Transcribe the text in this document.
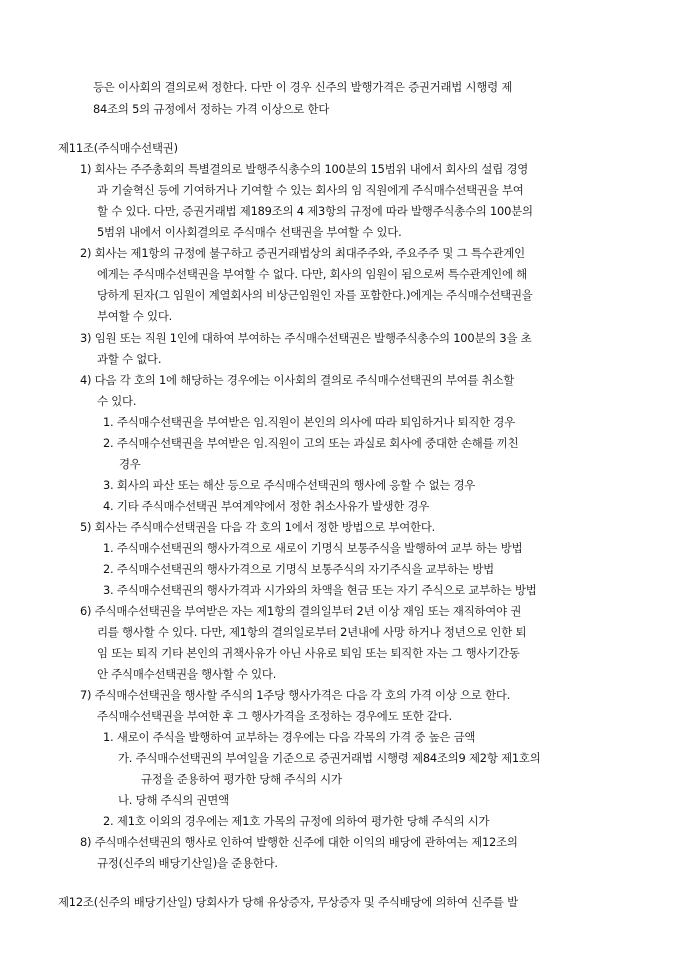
등은 이사회의 결의로써 정한다. 다만 이 경우 신주의 발행가격은 증권거래법 시행령 제
84조의 5의 규정에서 정하는 가격 이상으로 한다
제11조(주식매수선택권)
1) 회사는 주주총회의 특별결의로 발행주식총수의 100분의 15범위 내에서 회사의 설립 경영
과 기술혁신 등에 기여하거나 기여할 수 있는 회사의 임 직원에게 주식매수선택권을 부여
할 수 있다. 다만, 증권거래법 제189조의 4 제3항의 규정에 따라 발행주식총수의 100분의
5범위 내에서 이사회결의로 주식매수 선택권을 부여할 수 있다.
2) 회사는 제1항의 규정에 불구하고 증권거래법상의 최대주주와, 주요주주 및 그 특수관계인
에게는 주식매수선택권을 부여할 수 없다. 다만, 회사의 임원이 됨으로써 특수관계인에 해
당하게 된자(그 임원이 계열회사의 비상근임원인 자를 포함한다.)에게는 주식매수선택권을
부여할 수 있다.
3) 임원 또는 직원 1인에 대하여 부여하는 주식매수선택권은 발행주식총수의 100분의 3을 초
과할 수 없다.
4) 다음 각 호의 1에 해당하는 경우에는 이사회의 결의로 주식매수선택권의 부여를 취소할
수 있다.
1. 주식매수선택권을 부여받은 임.직원이 본인의 의사에 따라 퇴임하거나 퇴직한 경우
2. 주식매수선택권을 부여받은 임.직원이 고의 또는 과실로 회사에 중대한 손해를 끼친
경우
3. 회사의 파산 또는 해산 등으로 주식매수선택권의 행사에 응할 수 없는 경우
4. 기타 주식매수선택권 부여계약에서 정한 취소사유가 발생한 경우
5) 회사는 주식매수선택권을 다음 각 호의 1에서 정한 방법으로 부여한다.
1. 주식매수선택권의 행사가격으로 새로이 기명식 보통주식을 발행하여 교부 하는 방법
2. 주식매수선택권의 행사가격으로 기명식 보통주식의 자기주식을 교부하는 방법
3. 주식매수선택권의 행사가격과 시가와의 차액을 현금 또는 자기 주식으로 교부하는 방법
6) 주식매수선택권을 부여받은 자는 제1항의 결의일부터 2년 이상 재임 또는 재직하여야 권
리를 행사할 수 있다. 다만, 제1항의 결의일로부터 2년내에 사망 하거나 정년으로 인한 퇴
임 또는 퇴직 기타 본인의 귀책사유가 아닌 사유로 퇴임 또는 퇴직한 자는 그 행사기간동
안 주식매수선택권을 행사할 수 있다.
7) 주식매수선택권을 행사할 주식의 1주당 행사가격은 다음 각 호의 가격 이상 으로 한다.
주식매수선택권을 부여한 후 그 행사가격을 조정하는 경우에도 또한 같다.
1. 새로이 주식을 발행하여 교부하는 경우에는 다음 각목의 가격 중 높은 금액
가. 주식매수선택권의 부여일을 기준으로 증권거래법 시행령 제84조의9 제2항 제1호의
규정을 준용하여 평가한 당해 주식의 시가
나. 당해 주식의 권면액
2. 제1호 이외의 경우에는 제1호 가목의 규정에 의하여 평가한 당해 주식의 시가
8) 주식매수선택권의 행사로 인하여 발행한 신주에 대한 이익의 배당에 관하여는 제12조의
규정(신주의 배당기산일)을 준용한다.
제12조(신주의 배당기산일) 당회사가 당해 유상증자, 무상증자 및 주식배당에 의하여 신주를 발
